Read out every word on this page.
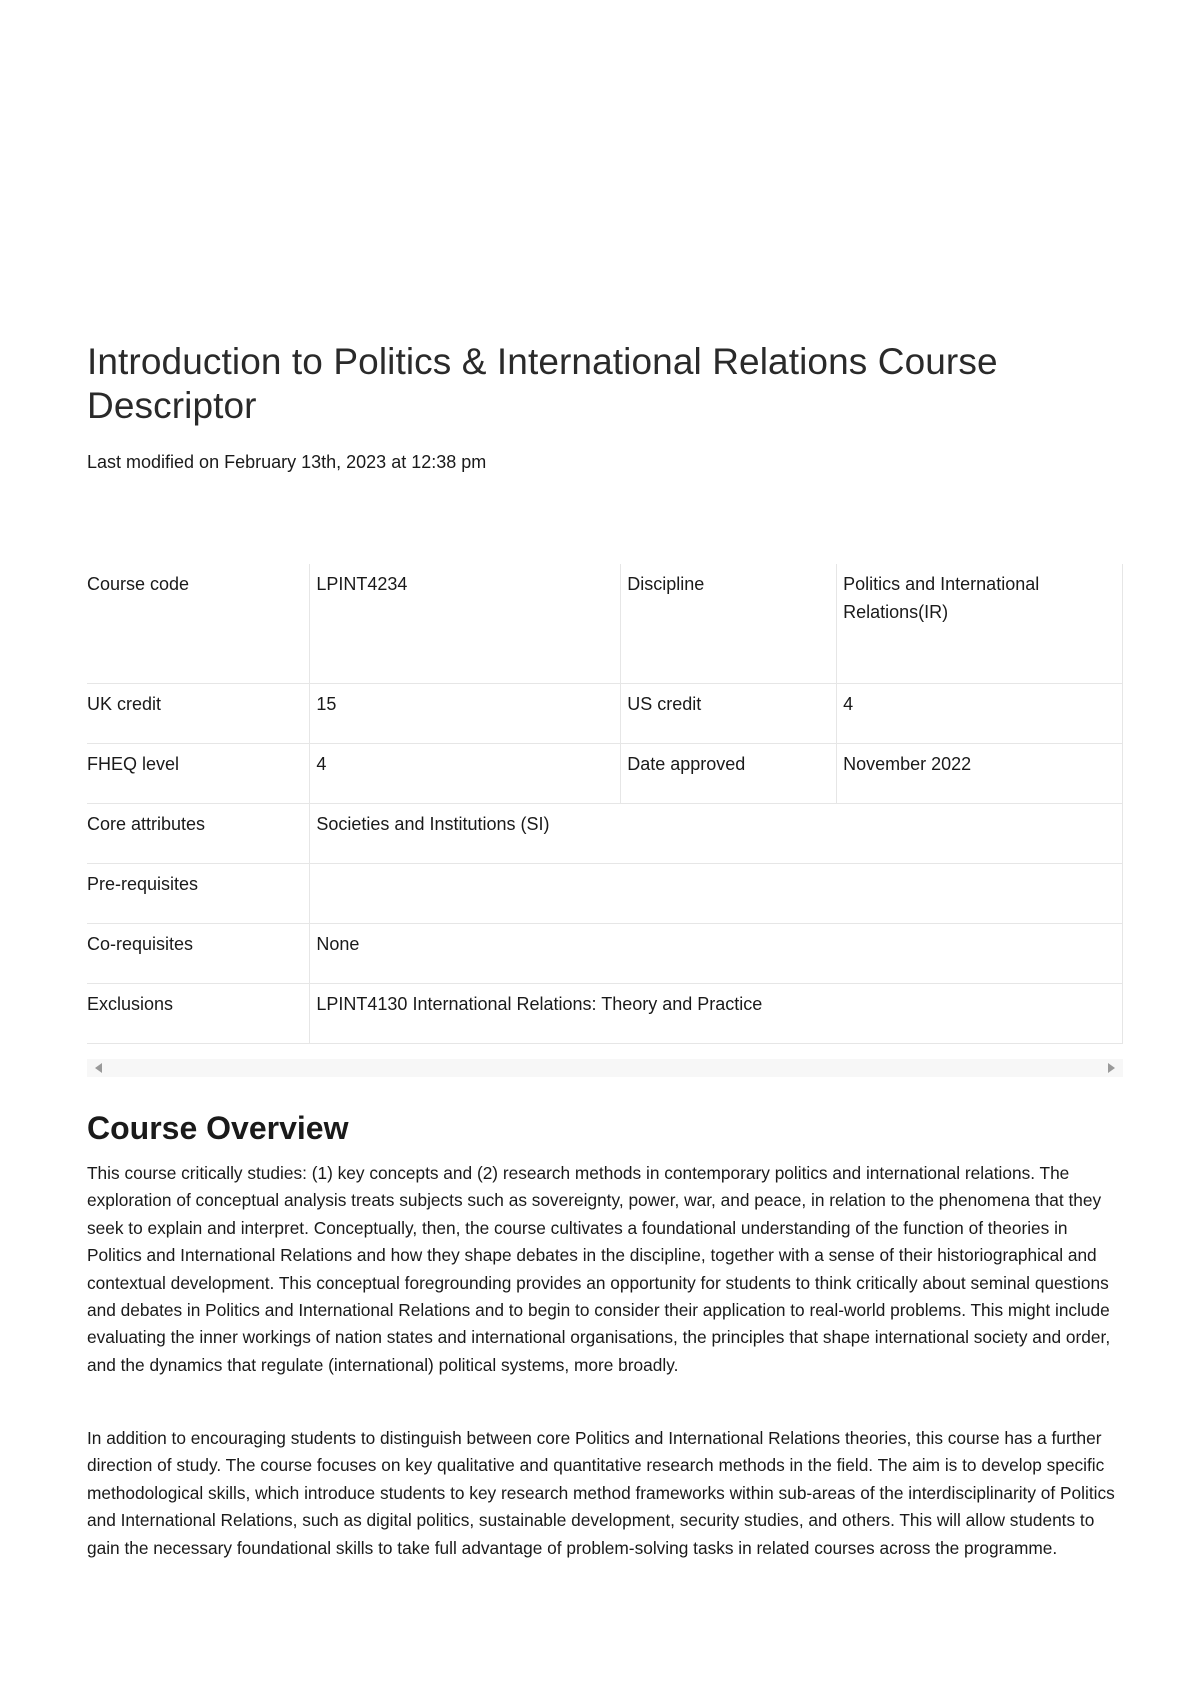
Introduction to Politics & International Relations Course Descriptor
Last modified on February 13th, 2023 at 12:38 pm
Course code	LPINT4234	Discipline	Politics and International Relations(IR)
UK credit	15	US credit	4
FHEQ level	4	Date approved	November 2022
Core attributes	Societies and Institutions (SI)		
Pre-requisites			
Co-requisites	None		
Exclusions	LPINT4130 International Relations: Theory and Practice		
Course Overview

This course critically studies: (1) key concepts and (2) research methods in contemporary politics and international relations. The exploration of conceptual analysis treats subjects such as sovereignty, power, war, and peace, in relation to the phenomena that they seek to explain and interpret. Conceptually, then, the course cultivates a foundational understanding of the function of theories in Politics and International Relations and how they shape debates in the discipline, together with a sense of their historiographical and contextual development. This conceptual foregrounding provides an opportunity for students to think critically about seminal questions and debates in Politics and International Relations and to begin to consider their application to real-world problems. This might include evaluating the inner workings of nation states and international organisations, the principles that shape international society and order, and the dynamics that regulate (international) political systems, more broadly.

In addition to encouraging students to distinguish between core Politics and International Relations theories, this course has a further direction of study. The course focuses on key qualitative and quantitative research methods in the field. The aim is to develop specific methodological skills, which introduce students to key research method frameworks within sub-areas of the interdisciplinarity of Politics and International Relations, such as digital politics, sustainable development, security studies, and others. This will allow students to gain the necessary foundational skills to take full advantage of problem-solving tasks in related courses across the programme.
